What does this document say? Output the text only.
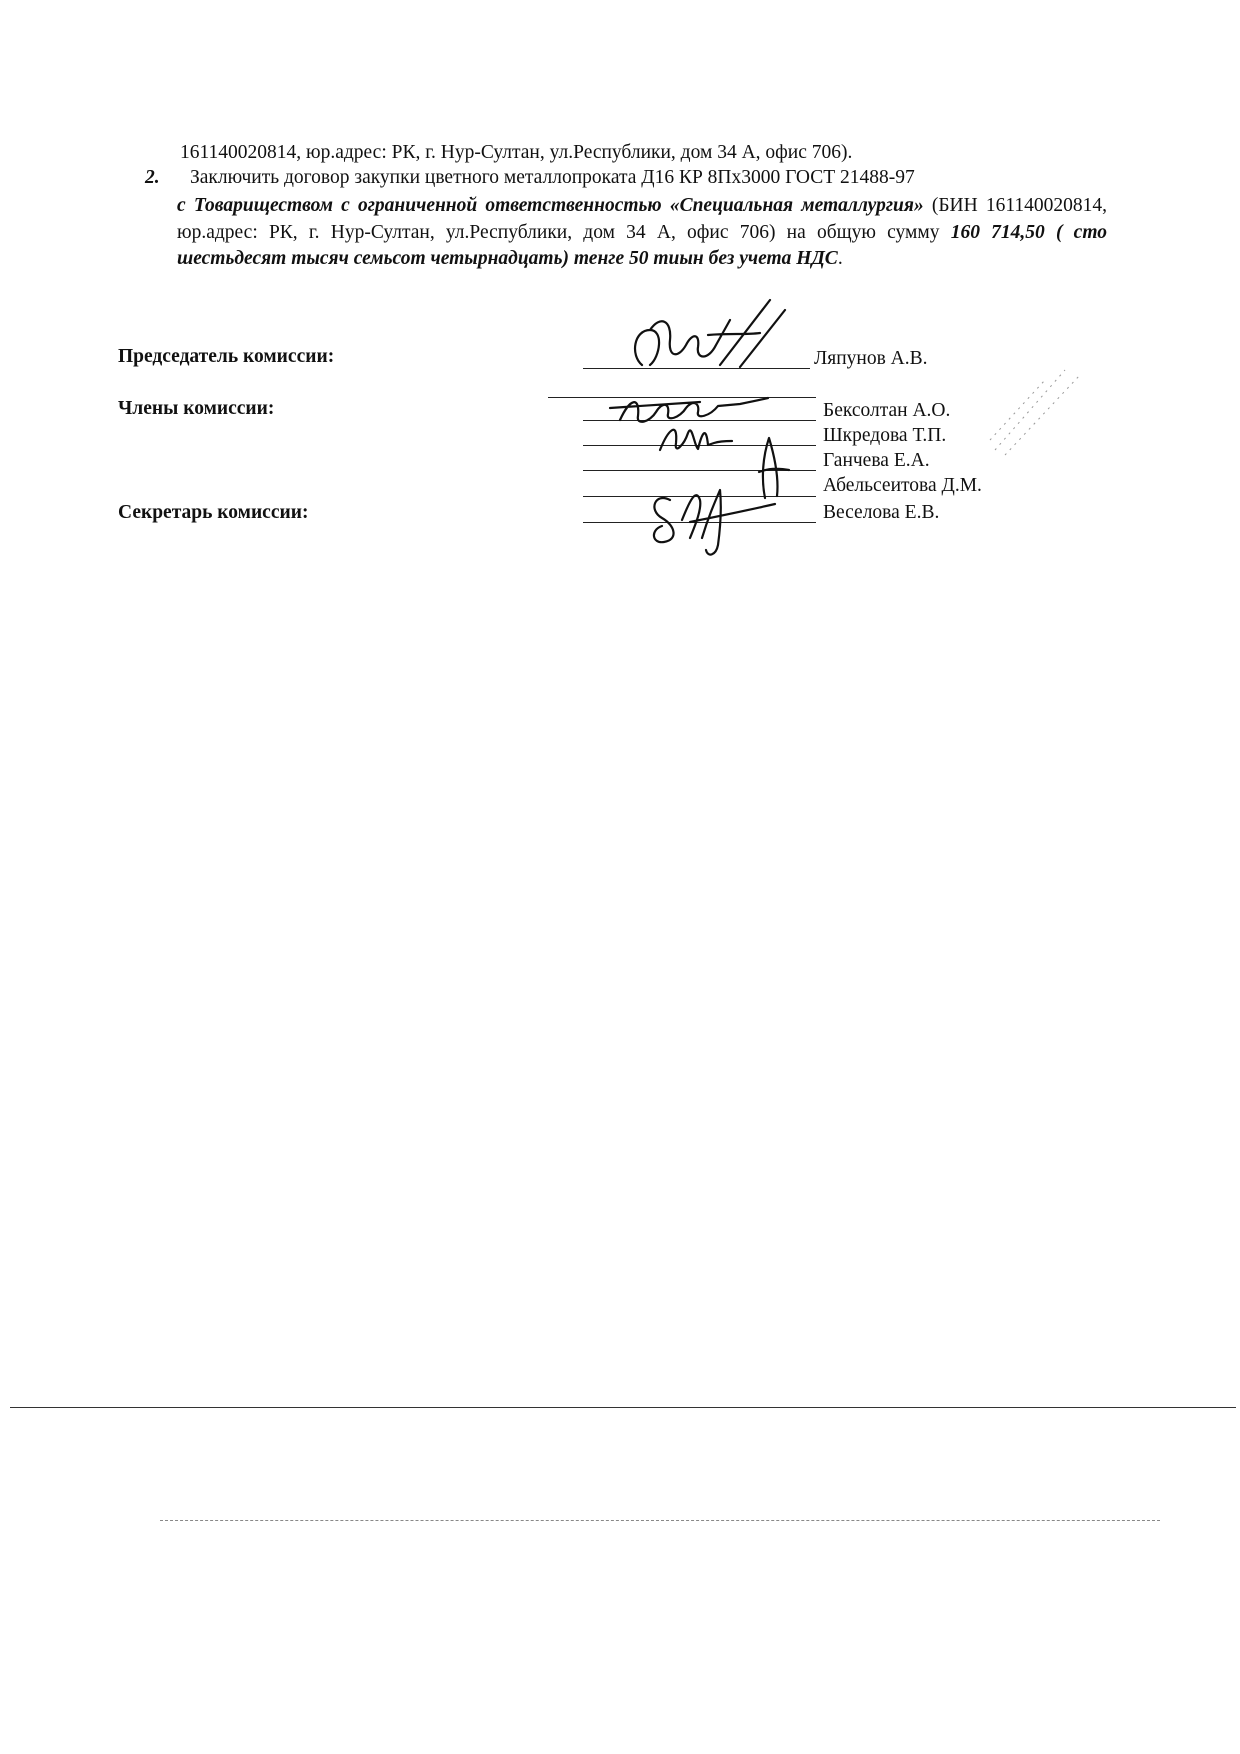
161140020814, юр.адрес: РК, г. Нур-Султан, ул.Республики, дом 34 А, офис 706).
2. Заключить договор закупки цветного металлопроката Д16 КР 8Пх3000 ГОСТ 21488-97
с Товариществом с ограниченной ответственностью «Специальная металлургия» (БИН 161140020814, юр.адрес: РК, г. Нур-Султан, ул.Республики, дом 34 А, офис 706) на общую сумму 160 714,50 ( сто шестьдесят тысяч семьсот четырнадцать) тенге 50 тиын без учета НДС.
Председатель комиссии:	Ляпунов А.В.
Члены комиссии:	Бексолтан А.О.
Шкредова Т.П.
Ганчева Е.А.
Абельсеитова Д.М.
Секретарь комиссии:	Веселова Е.В.
